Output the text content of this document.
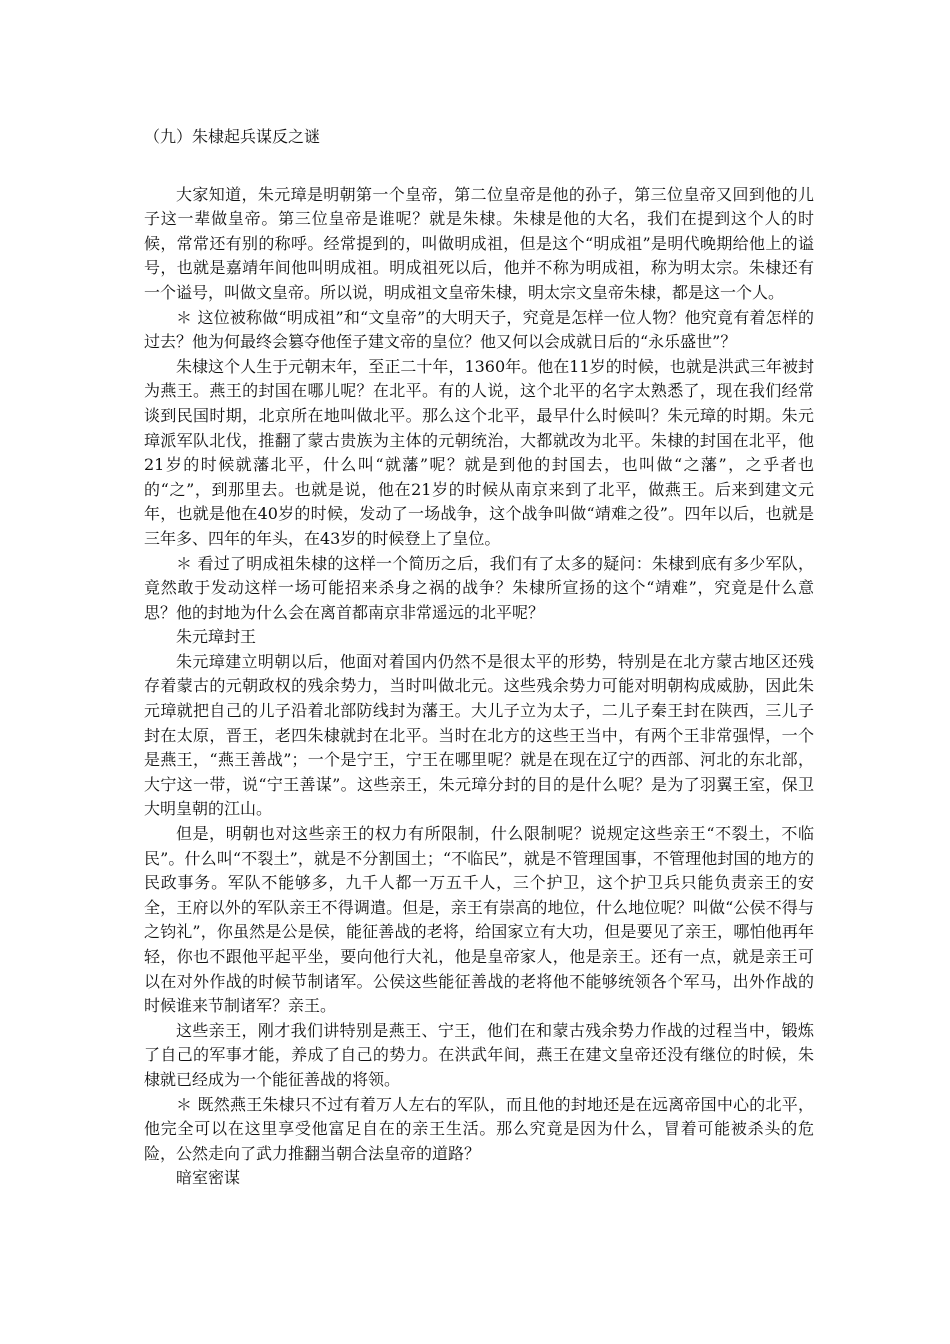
（九）朱棣起兵谋反之谜

大家知道，朱元璋是明朝第一个皇帝，第二位皇帝是他的孙子，第三位皇帝又回到他的儿子这一辈做皇帝。第三位皇帝是谁呢？就是朱棣。朱棣是他的大名，我们在提到这个人的时候，常常还有别的称呼。经常提到的，叫做明成祖，但是这个“明成祖”是明代晚期给他上的谥号，也就是嘉靖年间他叫明成祖。明成祖死以后，他并不称为明成祖，称为明太宗。朱棣还有一个谥号，叫做文皇帝。所以说，明成祖文皇帝朱棣，明太宗文皇帝朱棣，都是这一个人。

＊ 这位被称做“明成祖”和“文皇帝”的大明天子，究竟是怎样一位人物？他究竟有着怎样的过去？他为何最终会篡夺他侄子建文帝的皇位？他又何以会成就日后的“永乐盛世”？

朱棣这个人生于元朝末年，至正二十年，1360年。他在11岁的时候，也就是洪武三年被封为燕王。燕王的封国在哪儿呢？在北平。有的人说，这个北平的名字太熟悉了，现在我们经常谈到民国时期，北京所在地叫做北平。那么这个北平，最早什么时候叫？朱元璋的时期。朱元璋派军队北伐，推翻了蒙古贵族为主体的元朝统治，大都就改为北平。朱棣的封国在北平，他21岁的时候就藩北平，什么叫“就藩”呢？就是到他的封国去，也叫做“之藩”，之乎者也的“之”，到那里去。也就是说，他在21岁的时候从南京来到了北平，做燕王。后来到建文元年，也就是他在40岁的时候，发动了一场战争，这个战争叫做“靖难之役”。四年以后，也就是三年多、四年的年头，在43岁的时候登上了皇位。

＊ 看过了明成祖朱棣的这样一个简历之后，我们有了太多的疑问：朱棣到底有多少军队，竟然敢于发动这样一场可能招来杀身之祸的战争？朱棣所宣扬的这个“靖难”，究竟是什么意思？他的封地为什么会在离首都南京非常遥远的北平呢？

朱元璋封王

朱元璋建立明朝以后，他面对着国内仍然不是很太平的形势，特别是在北方蒙古地区还残存着蒙古的元朝政权的残余势力，当时叫做北元。这些残余势力可能对明朝构成威胁，因此朱元璋就把自己的儿子沿着北部防线封为藩王。大儿子立为太子，二儿子秦王封在陕西，三儿子封在太原，晋王，老四朱棣就封在北平。当时在北方的这些王当中，有两个王非常强悍，一个是燕王，“燕王善战”；一个是宁王，宁王在哪里呢？就是在现在辽宁的西部、河北的东北部，大宁这一带，说“宁王善谋”。这些亲王，朱元璋分封的目的是什么呢？是为了羽翼王室，保卫大明皇朝的江山。

但是，明朝也对这些亲王的权力有所限制，什么限制呢？说规定这些亲王“不裂土，不临民”。什么叫“不裂土”，就是不分割国土；“不临民”，就是不管理国事，不管理他封国的地方的民政事务。军队不能够多，九千人都一万五千人，三个护卫，这个护卫兵只能负责亲王的安全，王府以外的军队亲王不得调遣。但是，亲王有崇高的地位，什么地位呢？叫做“公侯不得与之钧礼”，你虽然是公是侯，能征善战的老将，给国家立有大功，但是要见了亲王，哪怕他再年轻，你也不跟他平起平坐，要向他行大礼，他是皇帝家人，他是亲王。还有一点，就是亲王可以在对外作战的时候节制诸军。公侯这些能征善战的老将他不能够统领各个军马，出外作战的时候谁来节制诸军？亲王。

这些亲王，刚才我们讲特别是燕王、宁王，他们在和蒙古残余势力作战的过程当中，锻炼了自己的军事才能，养成了自己的势力。在洪武年间，燕王在建文皇帝还没有继位的时候，朱棣就已经成为一个能征善战的将领。

＊ 既然燕王朱棣只不过有着万人左右的军队，而且他的封地还是在远离帝国中心的北平，他完全可以在这里享受他富足自在的亲王生活。那么究竟是因为什么，冒着可能被杀头的危险，公然走向了武力推翻当朝合法皇帝的道路？

暗室密谋
